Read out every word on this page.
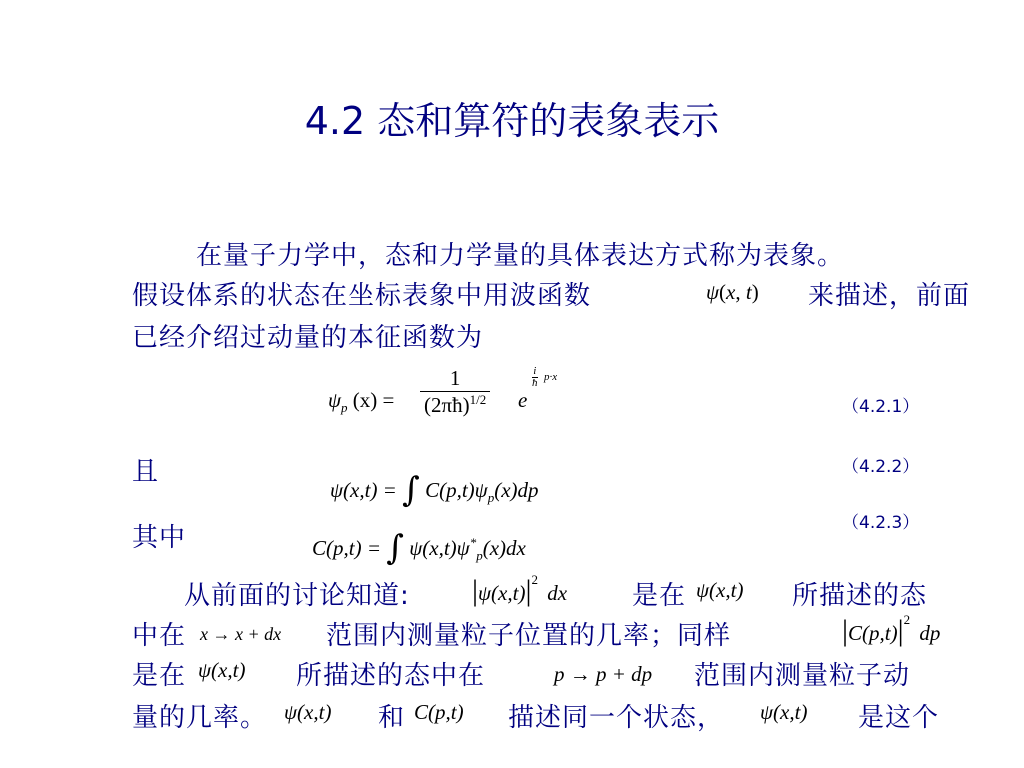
4.2 态和算符的表象表示
在量子力学中，态和力学量的具体表达方式称为表象。
假设体系的状态在坐标表象中用波函数	ψ(x, t) 来描述，前面
已经介绍过动量的本征函数为
$\psi_p$ $(x) = \frac{1}{(2\pi ħ)^{1/2}}$ e
$\frac{i}{ħ} p\cdot x$
（4.2.1）
且
ψ(x,t) = ∫ $C(p,t)\psi_p(x)dp$
（4.2.2）
其中	C(p,t) = ∫ $\psi(x,t)\psi^*_p(x)dx$
（4.2.3）
从前面的讨论知道: $|\psi(x,t)|^2$ dx 是在 ψ(x,t) 所描述的态
中在 x → x + dx 范围内测量粒子位置的几率；同样	$|C(p,t)|^2$ dp
是在 ψ(x,t) 所描述的态中在	p → p + dp 范围内测量粒子动
量的几率。 ψ(x,t) 和 C(p,t) 描述同一个状态， ψ(x,t) 是这个
